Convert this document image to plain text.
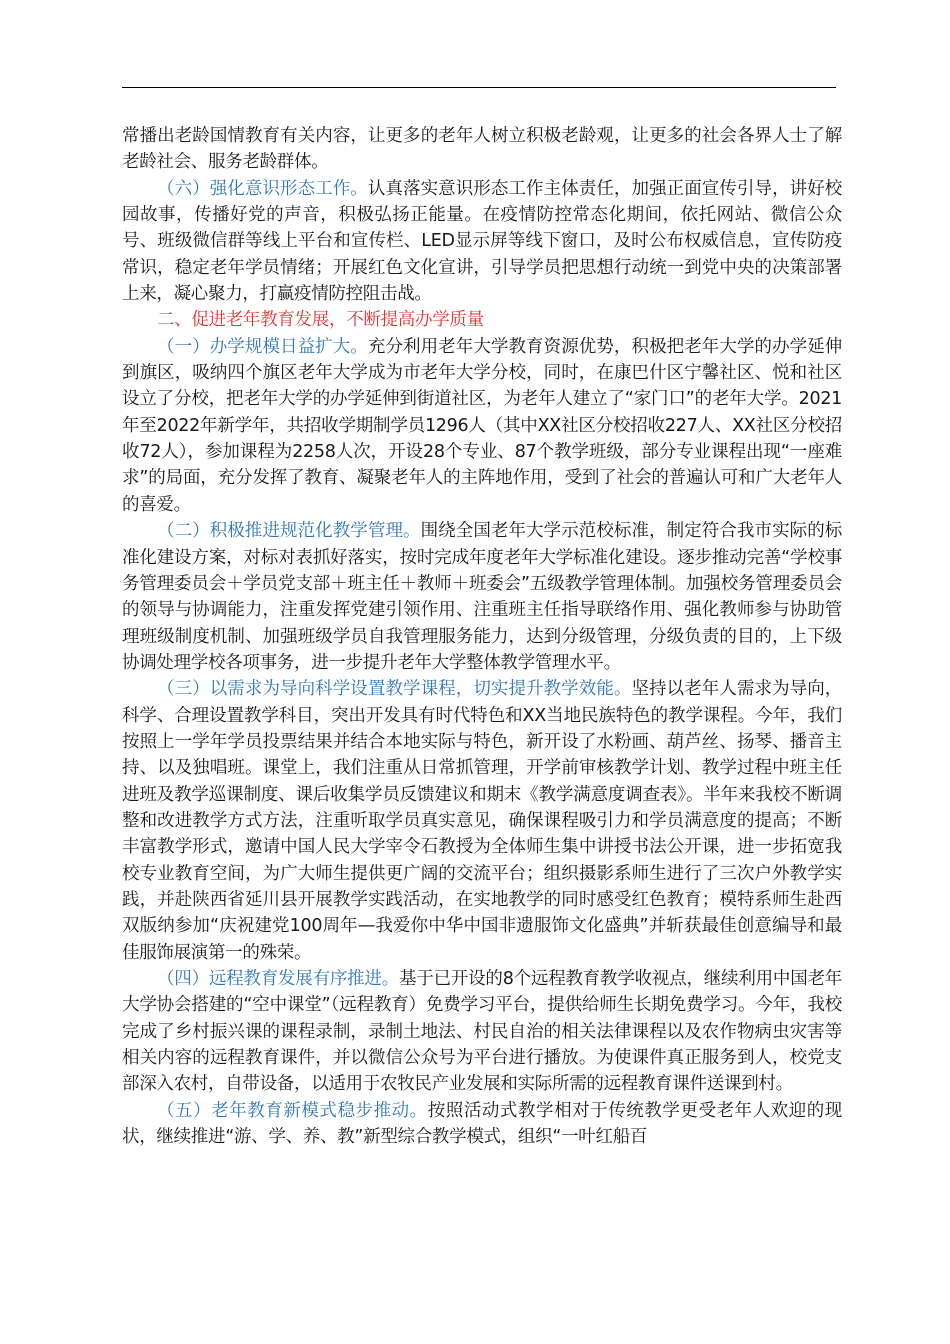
常播出老龄国情教育有关内容，让更多的老年人树立积极老龄观，让更多的社会各界人士了解老龄社会、服务老龄群体。

（六）强化意识形态工作。认真落实意识形态工作主体责任，加强正面宣传引导，讲好校园故事，传播好党的声音，积极弘扬正能量。在疫情防控常态化期间，依托网站、微信公众号、班级微信群等线上平台和宣传栏、LED显示屏等线下窗口，及时公布权威信息，宣传防疫常识，稳定老年学员情绪；开展红色文化宣讲，引导学员把思想行动统一到党中央的决策部署上来，凝心聚力，打赢疫情防控阻击战。

二、促进老年教育发展，不断提高办学质量

（一）办学规模日益扩大。充分利用老年大学教育资源优势，积极把老年大学的办学延伸到旗区，吸纳四个旗区老年大学成为市老年大学分校，同时，在康巴什区宁馨社区、悦和社区设立了分校，把老年大学的办学延伸到街道社区，为老年人建立了“家门口”的老年大学。2021年至2022年新学年，共招收学期制学员1296人（其中XX社区分校招收227人、XX社区分校招收72人），参加课程为2258人次，开设28个专业、87个教学班级，部分专业课程出现“一座难求”的局面，充分发挥了教育、凝聚老年人的主阵地作用，受到了社会的普遍认可和广大老年人的喜爱。

（二）积极推进规范化教学管理。围绕全国老年大学示范校标准，制定符合我市实际的标准化建设方案，对标对表抓好落实，按时完成年度老年大学标准化建设。逐步推动完善“学校事务管理委员会＋学员党支部＋班主任＋教师＋班委会”五级教学管理体制。加强校务管理委员会的领导与协调能力，注重发挥党建引领作用、注重班主任指导联络作用、强化教师参与协助管理班级制度机制、加强班级学员自我管理服务能力，达到分级管理，分级负责的目的，上下级协调处理学校各项事务，进一步提升老年大学整体教学管理水平。

（三）以需求为导向科学设置教学课程，切实提升教学效能。坚持以老年人需求为导向，科学、合理设置教学科目，突出开发具有时代特色和XX当地民族特色的教学课程。今年，我们按照上一学年学员投票结果并结合本地实际与特色，新开设了水粉画、葫芦丝、扬琴、播音主持、以及独唱班。课堂上，我们注重从日常抓管理，开学前审核教学计划、教学过程中班主任进班及教学巡课制度、课后收集学员反馈建议和期末《教学满意度调查表》。半年来我校不断调整和改进教学方式方法，注重听取学员真实意见，确保课程吸引力和学员满意度的提高；不断丰富教学形式，邀请中国人民大学宰令石教授为全体师生集中讲授书法公开课，进一步拓宽我校专业教育空间，为广大师生提供更广阔的交流平台；组织摄影系师生进行了三次户外教学实践，并赴陕西省延川县开展教学实践活动，在实地教学的同时感受红色教育；模特系师生赴西双版纳参加“庆祝建党100周年—我爱你中华中国非遗服饰文化盛典”并斩获最佳创意编导和最佳服饰展演第一的殊荣。

（四）远程教育发展有序推进。基于已开设的8个远程教育教学收视点，继续利用中国老年大学协会搭建的“空中课堂”（远程教育）免费学习平台，提供给师生长期免费学习。今年，我校完成了乡村振兴课的课程录制，录制土地法、村民自治的相关法律课程以及农作物病虫灾害等相关内容的远程教育课件，并以微信公众号为平台进行播放。为使课件真正服务到人，校党支部深入农村，自带设备，以适用于农牧民产业发展和实际所需的远程教育课件送课到村。

（五）老年教育新模式稳步推动。按照活动式教学相对于传统教学更受老年人欢迎的现状，继续推进“游、学、养、教”新型综合教学模式，组织“一叶红船百
